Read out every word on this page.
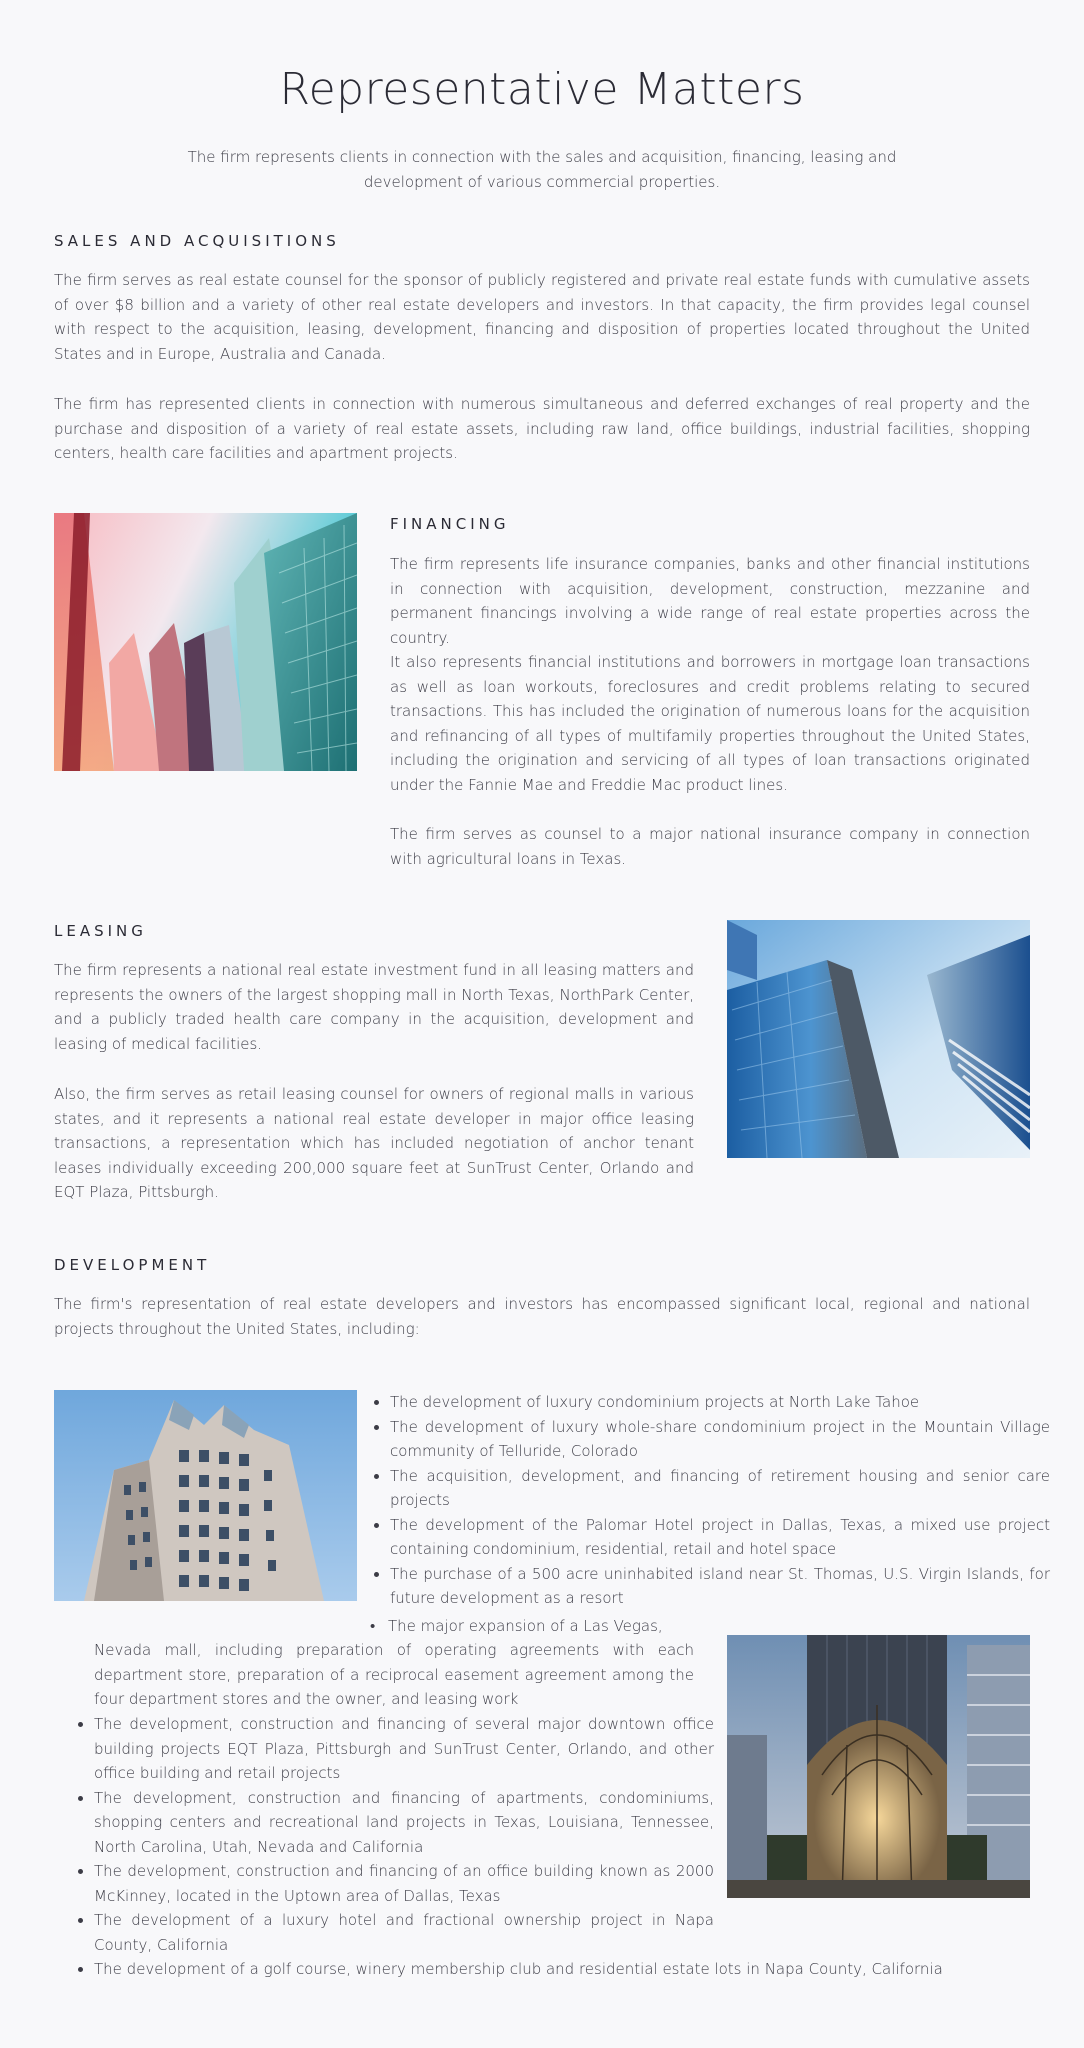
Representative Matters

The firm represents clients in connection with the sales and acquisition, financing, leasing and development of various commercial properties.

SALES AND ACQUISITIONS

The firm serves as real estate counsel for the sponsor of publicly registered and private real estate funds with cumulative assets of over $8 billion and a variety of other real estate developers and investors. In that capacity, the firm provides legal counsel with respect to the acquisition, leasing, development, financing and disposition of properties located throughout the United States and in Europe, Australia and Canada.

The firm has represented clients in connection with numerous simultaneous and deferred exchanges of real property and the purchase and disposition of a variety of real estate assets, including raw land, office buildings, industrial facilities, shopping centers, health care facilities and apartment projects.

FINANCING

The firm represents life insurance companies, banks and other financial institutions in connection with acquisition, development, construction, mezzanine and permanent financings involving a wide range of real estate properties across the country.

It also represents financial institutions and borrowers in mortgage loan transactions as well as loan workouts, foreclosures and credit problems relating to secured transactions. This has included the origination of numerous loans for the acquisition and refinancing of all types of multifamily properties throughout the United States, including the origination and servicing of all types of loan transactions originated under the Fannie Mae and Freddie Mac product lines.

The firm serves as counsel to a major national insurance company in connection with agricultural loans in Texas.

LEASING

The firm represents a national real estate investment fund in all leasing matters and represents the owners of the largest shopping mall in North Texas, NorthPark Center, and a publicly traded health care company in the acquisition, development and leasing of medical facilities.

Also, the firm serves as retail leasing counsel for owners of regional malls in various states, and it represents a national real estate developer in major office leasing transactions, a representation which has included negotiation of anchor tenant leases individually exceeding 200,000 square feet at SunTrust Center, Orlando and EQT Plaza, Pittsburgh.

DEVELOPMENT

The firm's representation of real estate developers and investors has encompassed significant local, regional and national projects throughout the United States, including:

• The development of luxury condominium projects at North Lake Tahoe
• The development of luxury whole-share condominium project in the Mountain Village community of Telluride, Colorado
• The acquisition, development, and financing of retirement housing and senior care projects
• The development of the Palomar Hotel project in Dallas, Texas, a mixed use project containing condominium, residential, retail and hotel space
• The purchase of a 500 acre uninhabited island near St. Thomas, U.S. Virgin Islands, for future development as a resort
• The major expansion of a Las Vegas,

Nevada mall, including preparation of operating agreements with each department store, preparation of a reciprocal easement agreement among the four department stores and the owner, and leasing work

• The development, construction and financing of several major downtown office building projects EQT Plaza, Pittsburgh and SunTrust Center, Orlando, and other office building and retail projects
• The development, construction and financing of apartments, condominiums, shopping centers and recreational land projects in Texas, Louisiana, Tennessee, North Carolina, Utah, Nevada and California
• The development, construction and financing of an office building known as 2000 McKinney, located in the Uptown area of Dallas, Texas
• The development of a luxury hotel and fractional ownership project in Napa County, California
• The development of a golf course, winery membership club and residential estate lots in Napa County, California
